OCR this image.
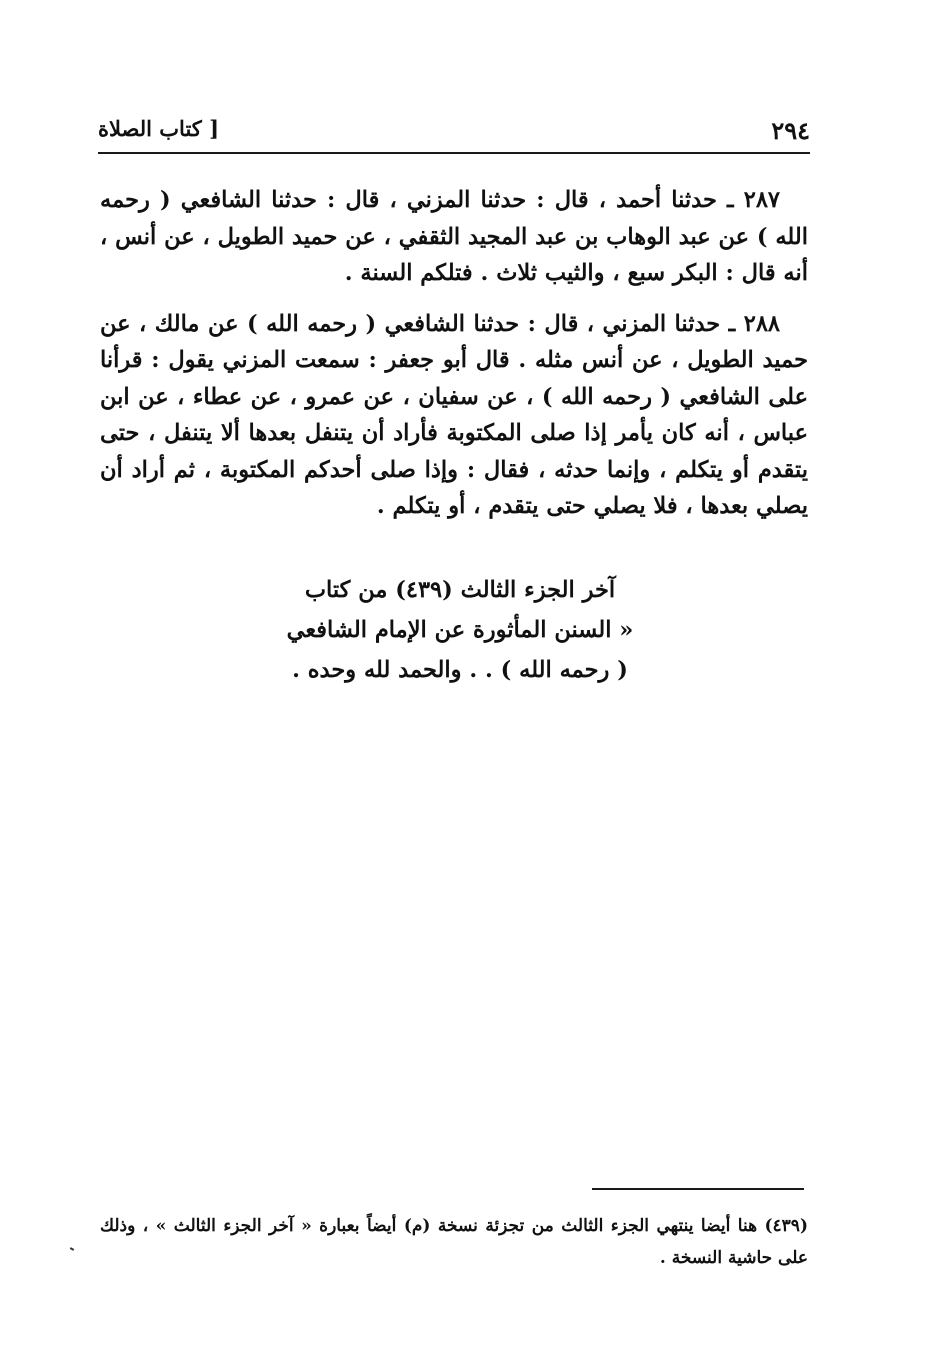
٢٩٤
[ كتاب الصلاة

٢٨٧ ـ حدثنا أحمد ، قال : حدثنا المزني ، قال : حدثنا الشافعي ( رحمه الله ) عن عبد الوهاب بن عبد المجيد الثقفي ، عن حميد الطويل ، عن أنس ، أنه قال : البكر سبع ، والثيب ثلاث . فتلكم السنة .

٢٨٨ ـ حدثنا المزني ، قال : حدثنا الشافعي ( رحمه الله ) عن مالك ، عن حميد الطويل ، عن أنس مثله . قال أبو جعفر : سمعت المزني يقول : قرأنا على الشافعي ( رحمه الله ) ، عن سفيان ، عن عمرو ، عن عطاء ، عن ابن عباس ، أنه كان يأمر إذا صلى المكتوبة فأراد أن يتنفل بعدها ألا يتنفل ، حتى يتقدم أو يتكلم ، وإنما حدثه ، فقال : وإذا صلى أحدكم المكتوبة ، ثم أراد أن يصلي بعدها ، فلا يصلي حتى يتقدم ، أو يتكلم .

آخر الجزء الثالث (٤٣٩) من كتاب
« السنن المأثورة عن الإمام الشافعي
( رحمه الله ) . . والحمد لله وحده .
(٤٣٩) هنا أيضا ينتهي الجزء الثالث من تجزئة نسخة (م) أيضاً بعبارة « آخر الجزء الثالث » ، وذلك على حاشية النسخة .
